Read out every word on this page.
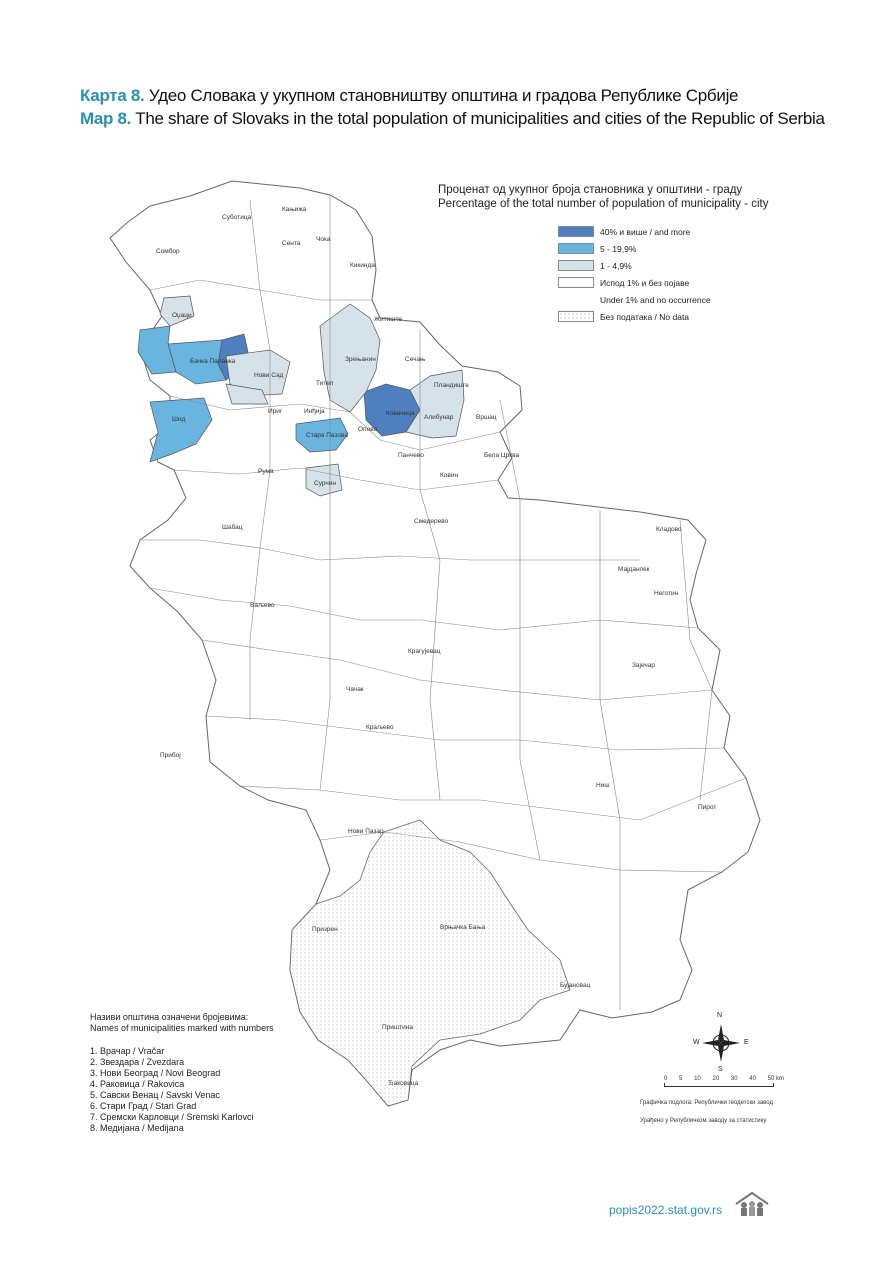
Карта 8. Удео Словака у укупном становништву општина и градова Републике Србије
Map 8. The share of Slovaks in the total population of municipalities and cities of the Republic of Serbia
Суботица
Кањижа
Сента
Чока
Житиште
Зрењанин	Сечањ
Пландиште
Вршац
Бела Црква
Алибунар
Ковачица
Опово
Панчево
Ковин
Стара Пазова
Инђија
Ириг
Рума
Шид
Бачка Паланка
Оџаци
Нови Сад
Тител
Сомбор
Кикинда
Шабац
Ваљево
Сурчин
Смедерево
Мајданпек
Кладово
Неготин
Зајечар
Крагујевац
Чачак
Краљево
Нови Пазар
Прибој
Ниш
Бујановац
Пирот
Врњачка Бања
Приштина
Призрен
Ђаковица
Проценат од укупног броја становника у општини - граду
Percentage of the total number of population of municipality - city
40% и више / and more
5 - 19,9%
1 - 4,9%
Испод 1% и без појаве
Under 1% and no occurrence
Без података / No data
Називи општина означени бројевима:
Names of municipalities marked with numbers
1. Врачар / Vračar
2. Звездара / Zvezdara
3. Нови Београд / Novi Beograd
4. Раковица / Rakovica
5. Савски Венац / Savski Venac
6. Стари Град / Stari Grad
7. Сремски Карловци / Sremski Karlovci
8. Медијана / Medijana
N
S
W	E
0 5 10 20 30 40 50 km
Графичка подлога: Републички геодетски завод
Урађено у Републичком заводу за статистику
popis2022.stat.gov.rs
